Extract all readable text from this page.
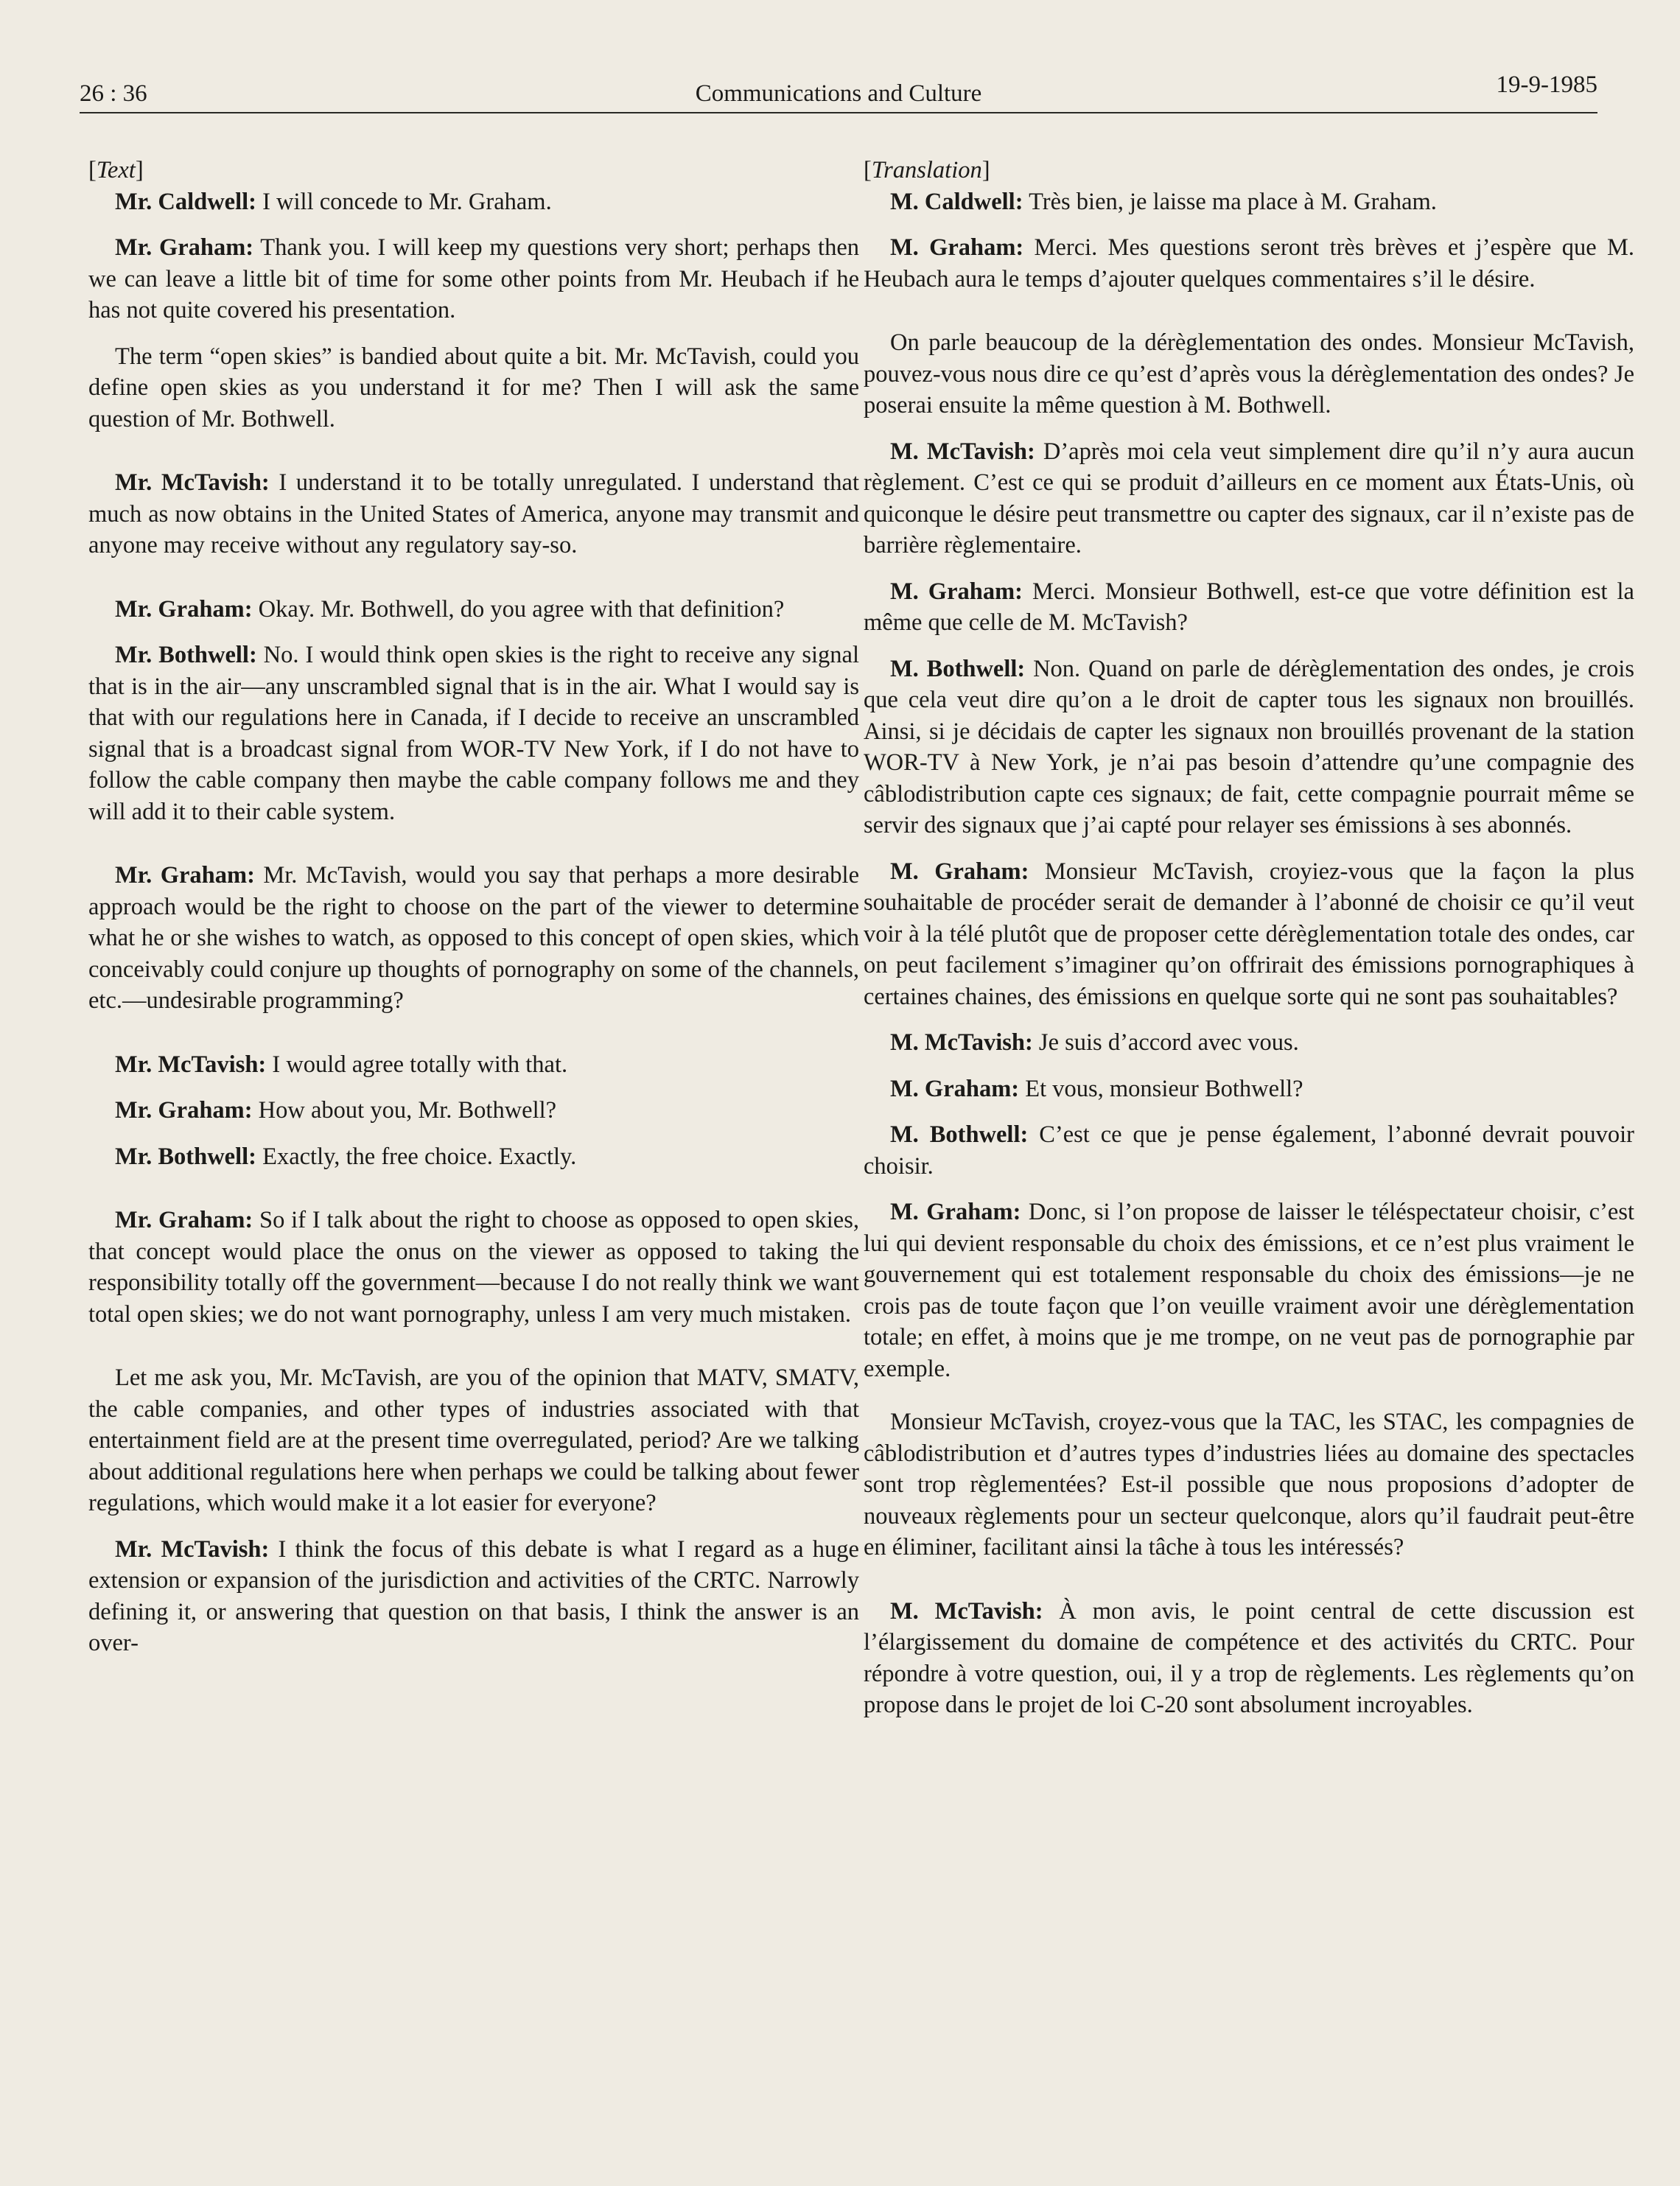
26 : 36	Communications and Culture	19-9-1985
[Text]

Mr. Caldwell: I will concede to Mr. Graham.

Mr. Graham: Thank you. I will keep my questions very short; perhaps then we can leave a little bit of time for some other points from Mr. Heubach if he has not quite covered his presentation.

The term “open skies” is bandied about quite a bit. Mr. McTavish, could you define open skies as you understand it for me? Then I will ask the same question of Mr. Bothwell.

Mr. McTavish: I understand it to be totally unregulated. I understand that much as now obtains in the United States of America, anyone may transmit and anyone may receive without any regulatory say-so.

Mr. Graham: Okay. Mr. Bothwell, do you agree with that definition?

Mr. Bothwell: No. I would think open skies is the right to receive any signal that is in the air—any unscrambled signal that is in the air. What I would say is that with our regulations here in Canada, if I decide to receive an unscrambled signal that is a broadcast signal from WOR-TV New York, if I do not have to follow the cable company then maybe the cable company follows me and they will add it to their cable system.

Mr. Graham: Mr. McTavish, would you say that perhaps a more desirable approach would be the right to choose on the part of the viewer to determine what he or she wishes to watch, as opposed to this concept of open skies, which conceivably could conjure up thoughts of pornography on some of the channels, etc.—undesirable programming?

Mr. McTavish: I would agree totally with that.

Mr. Graham: How about you, Mr. Bothwell?

Mr. Bothwell: Exactly, the free choice. Exactly.

Mr. Graham: So if I talk about the right to choose as opposed to open skies, that concept would place the onus on the viewer as opposed to taking the responsibility totally off the government—because I do not really think we want total open skies; we do not want pornography, unless I am very much mistaken.

Let me ask you, Mr. McTavish, are you of the opinion that MATV, SMATV, the cable companies, and other types of industries associated with that entertainment field are at the present time overregulated, period? Are we talking about additional regulations here when perhaps we could be talking about fewer regulations, which would make it a lot easier for everyone?

Mr. McTavish: I think the focus of this debate is what I regard as a huge extension or expansion of the jurisdiction and activities of the CRTC. Narrowly defining it, or answering that question on that basis, I think the answer is an over-

[Translation]

M. Caldwell: Très bien, je laisse ma place à M. Graham.

M. Graham: Merci. Mes questions seront très brèves et j’espère que M. Heubach aura le temps d’ajouter quelques commentaires s’il le désire.

On parle beaucoup de la dérèglementation des ondes. Monsieur McTavish, pouvez-vous nous dire ce qu’est d’après vous la dérèglementation des ondes? Je poserai ensuite la même question à M. Bothwell.

M. McTavish: D’après moi cela veut simplement dire qu’il n’y aura aucun règlement. C’est ce qui se produit d’ailleurs en ce moment aux États-Unis, où quiconque le désire peut transmettre ou capter des signaux, car il n’existe pas de barrière règlementaire.

M. Graham: Merci. Monsieur Bothwell, est-ce que votre définition est la même que celle de M. McTavish?

M. Bothwell: Non. Quand on parle de dérèglementation des ondes, je crois que cela veut dire qu’on a le droit de capter tous les signaux non brouillés. Ainsi, si je décidais de capter les signaux non brouillés provenant de la station WOR-TV à New York, je n’ai pas besoin d’attendre qu’une compagnie des câblodistribution capte ces signaux; de fait, cette compagnie pourrait même se servir des signaux que j’ai capté pour relayer ses émissions à ses abonnés.

M. Graham: Monsieur McTavish, croyiez-vous que la façon la plus souhaitable de procéder serait de demander à l’abonné de choisir ce qu’il veut voir à la télé plutôt que de proposer cette dérèglementation totale des ondes, car on peut facilement s’imaginer qu’on offrirait des émissions pornographiques à certaines chaines, des émissions en quelque sorte qui ne sont pas souhaitables?

M. McTavish: Je suis d’accord avec vous.

M. Graham: Et vous, monsieur Bothwell?

M. Bothwell: C’est ce que je pense également, l’abonné devrait pouvoir choisir.

M. Graham: Donc, si l’on propose de laisser le téléspectateur choisir, c’est lui qui devient responsable du choix des émissions, et ce n’est plus vraiment le gouvernement qui est totalement responsable du choix des émissions—je ne crois pas de toute façon que l’on veuille vraiment avoir une dérèglementation totale; en effet, à moins que je me trompe, on ne veut pas de pornographie par exemple.

Monsieur McTavish, croyez-vous que la TAC, les STAC, les compagnies de câblodistribution et d’autres types d’industries liées au domaine des spectacles sont trop règlementées? Est-il possible que nous proposions d’adopter de nouveaux règlements pour un secteur quelconque, alors qu’il faudrait peut-être en éliminer, facilitant ainsi la tâche à tous les intéressés?

M. McTavish: À mon avis, le point central de cette discussion est l’élargissement du domaine de compétence et des activités du CRTC. Pour répondre à votre question, oui, il y a trop de règlements. Les règlements qu’on propose dans le projet de loi C-20 sont absolument incroyables.
